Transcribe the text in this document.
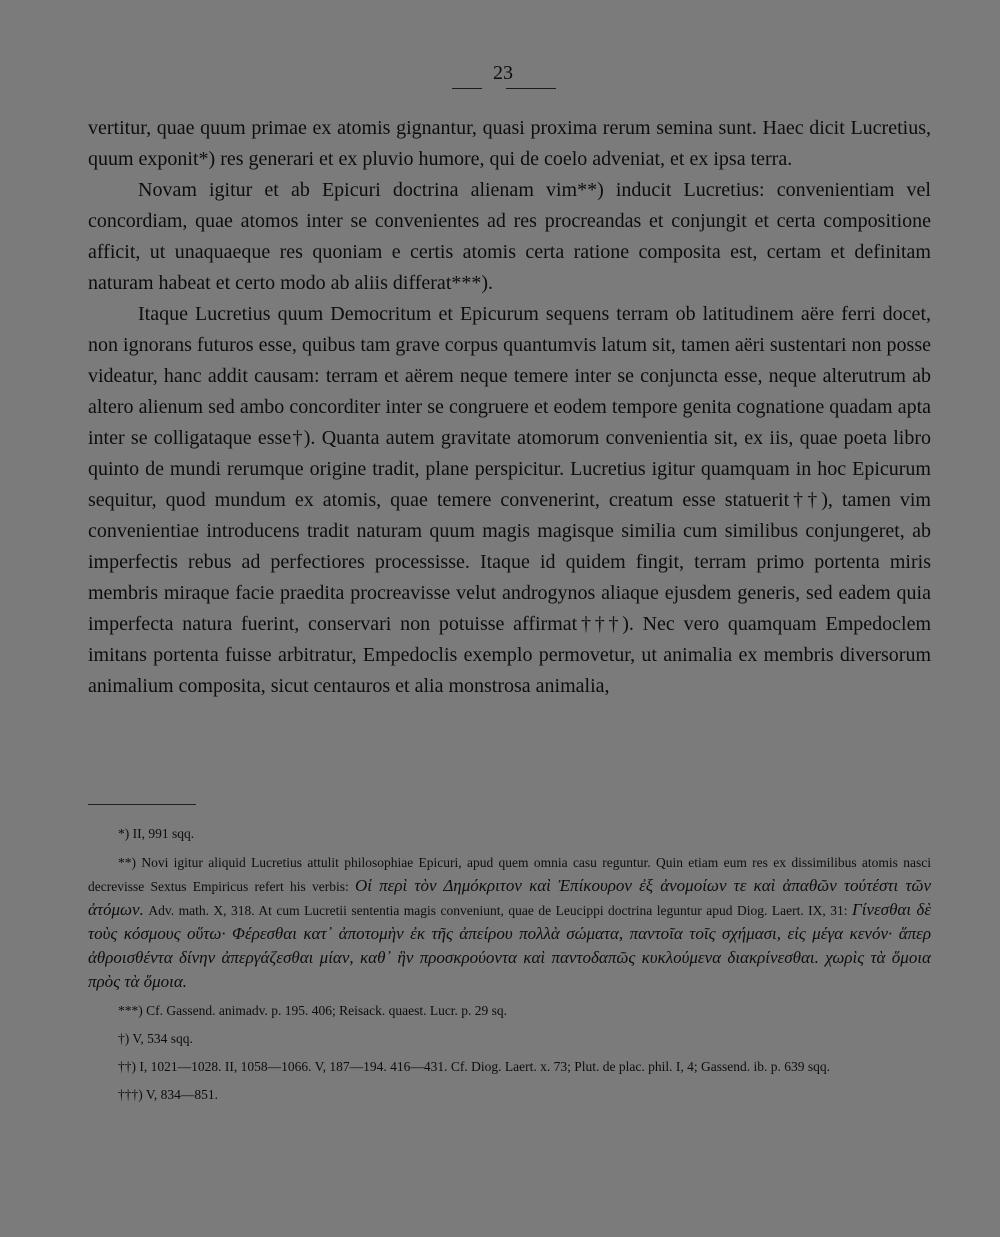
23

vertitur, quae quum primae ex atomis gignantur, quasi proxima rerum semina sunt. Haec dicit Lucretius, quum exponit*) res generari et ex pluvio humore, qui de coelo adveniat, et ex ipsa terra.

Novam igitur et ab Epicuri doctrina alienam vim**) inducit Lucretius: convenientiam vel concordiam, quae atomos inter se convenientes ad res procreandas et conjungit et certa compositione afficit, ut unaquaeque res quoniam e certis atomis certa ratione composita est, certam et definitam naturam habeat et certo modo ab aliis differat***).

Itaque Lucretius quum Democritum et Epicurum sequens terram ob latitudinem aëre ferri docet, non ignorans futuros esse, quibus tam grave corpus quantumvis latum sit, tamen aëri sustentari non posse videatur, hanc addit causam: terram et aërem neque temere inter se conjuncta esse, neque alterutrum ab altero alienum sed ambo concorditer inter se congruere et eodem tempore genita cognatione quadam apta inter se colligataque esse†). Quanta autem gravitate atomorum convenientia sit, ex iis, quae poeta libro quinto de mundi rerumque origine tradit, plane perspicitur. Lucretius igitur quamquam in hoc Epicurum sequitur, quod mundum ex atomis, quae temere convenerint, creatum esse statuerit††), tamen vim convenientiae introducens tradit naturam quum magis magisque similia cum similibus conjungeret, ab imperfectis rebus ad perfectiores processisse. Itaque id quidem fingit, terram primo portenta miris membris miraque facie praedita procreavisse velut androgynos aliaque ejusdem generis, sed eadem quia imperfecta natura fuerint, conservari non potuisse affirmat†††). Nec vero quamquam Empedoclem imitans portenta fuisse arbitratur, Empedoclis exemplo permovetur, ut animalia ex membris diversorum animalium composita, sicut centauros et alia monstrosa animalia,

*) II, 991 sqq.

**) Novi igitur aliquid Lucretius attulit philosophiae Epicuri, apud quem omnia casu reguntur. Quin etiam eum res ex dissimilibus atomis nasci decrevisse Sextus Empiricus refert his verbis: Οἱ περὶ τὸν Δημόκριτον καὶ Ἐπίκουρον ἐξ ἀνομοίων τε καὶ ἀπαθῶν τούτέστι τῶν ἀτόμων. Adv. math. X, 318. At cum Lucretii sententia magis conveniunt, quae de Leucippi doctrina leguntur apud Diog. Laert. IX, 31: Γίνεσθαι δὲ τοὺς κόσμους οὕτω· Φέρεσθαι κατ᾽ ἀποτομὴν ἐκ τῆς ἀπείρου πολλὰ σώματα, παντοῖα τοῖς σχήμασι, εἰς μέγα κενόν· ἅπερ ἀθροισθέντα δίνην ἀπεργάζεσθαι μίαν, καθ᾽ ἣν προσκρούοντα καὶ παντοδαπῶς κυκλούμενα διακρίνεσθαι. χωρὶς τὰ ὅμοια πρὸς τὰ ὅμοια.

***) Cf. Gassend. animadv. p. 195. 406; Reisack. quaest. Lucr. p. 29 sq.

†) V, 534 sqq.

††) I, 1021—1028. II, 1058—1066. V, 187—194. 416—431. Cf. Diog. Laert. x. 73; Plut. de plac. phil. I, 4; Gassend. ib. p. 639 sqq.

†††) V, 834—851.
